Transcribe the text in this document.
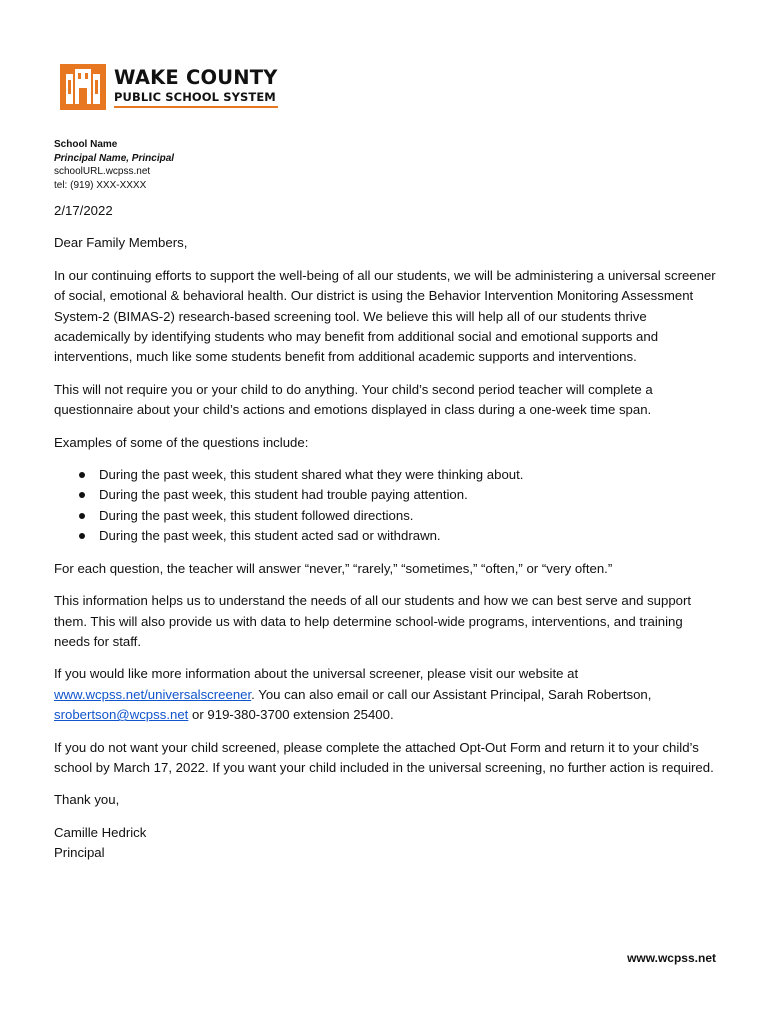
WAKE COUNTY
PUBLIC SCHOOL SYSTEM
School Name
Principal Name, Principal
schoolURL.wcpss.net
tel: (919) XXX-XXXX

2/17/2022

Dear Family Members,

In our continuing efforts to support the well-being of all our students, we will be administering a universal screener of social, emotional & behavioral health. Our district is using the Behavior Intervention Monitoring Assessment System-2 (BIMAS-2) research-based screening tool. We believe this will help all of our students thrive academically by identifying students who may benefit from additional social and emotional supports and interventions, much like some students benefit from additional academic supports and interventions.

This will not require you or your child to do anything. Your child’s second period teacher will complete a questionnaire about your child’s actions and emotions displayed in class during a one-week time span.

Examples of some of the questions include:

During the past week, this student shared what they were thinking about.
During the past week, this student had trouble paying attention.
During the past week, this student followed directions.
During the past week, this student acted sad or withdrawn.

For each question, the teacher will answer “never,” “rarely,” “sometimes,” “often,” or “very often.”

This information helps us to understand the needs of all our students and how we can best serve and support them. This will also provide us with data to help determine school-wide programs, interventions, and training needs for staff.

If you would like more information about the universal screener, please visit our website at www.wcpss.net/universalscreener. You can also email or call our Assistant Principal, Sarah Robertson, srobertson@wcpss.net or 919-380-3700 extension 25400.

If you do not want your child screened, please complete the attached Opt-Out Form and return it to your child’s school by March 17, 2022. If you want your child included in the universal screening, no further action is required.

Thank you,

Camille Hedrick

Principal

www.wcpss.net
